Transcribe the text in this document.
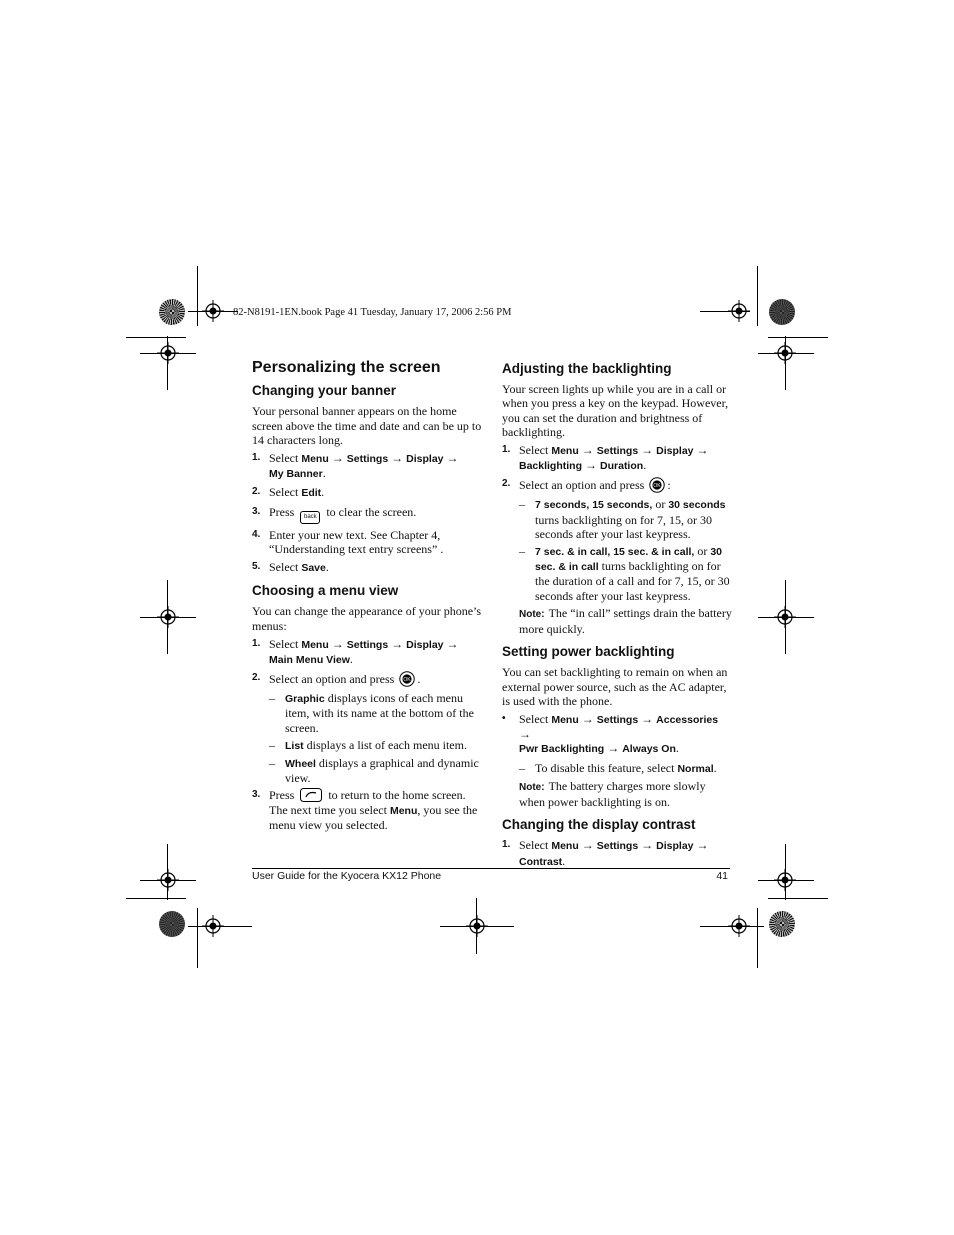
82-N8191-1EN.book Page 41 Tuesday, January 17, 2006 2:56 PM
Personalizing the screen
Changing your banner

Your personal banner appears on the home screen above the time and date and can be up to 14 characters long.

1. Select Menu → Settings → Display →
My Banner.
2. Select Edit.
3. Press back to clear the screen.
4. Enter your new text. See Chapter 4, “Understanding text entry screens” .
5. Select Save.
Choosing a menu view

You can change the appearance of your phone’s menus:

1. Select Menu → Settings → Display →
Main Menu View.
2. Select an option and press OK .
– Graphic displays icons of each menu item, with its name at the bottom of the screen.
– List displays a list of each menu item.
– Wheel displays a graphical and dynamic view.
3. Press	to return to the home screen. The next time you select Menu, you see the menu view you selected.
Adjusting the backlighting

Your screen lights up while you are in a call or when you press a key on the keypad. However, you can set the duration and brightness of backlighting.

1. Select Menu → Settings → Display →
Backlighting → Duration.
2. Select an option and press OK :
– 7 seconds, 15 seconds, or 30 seconds turns backlighting on for 7, 15, or 30 seconds after your last keypress.
– 7 sec. & in call, 15 sec. & in call, or 30 sec. & in call turns backlighting on for the duration of a call and for 7, 15, or 30 seconds after your last keypress.
Note: The “in call” settings drain the battery more quickly.
Setting power backlighting

You can set backlighting to remain on when an external power source, such as the AC adapter, is used with the phone.

• Select Menu → Settings → Accessories →
Pwr Backlighting → Always On.
– To disable this feature, select Normal.
Note: The battery charges more slowly when power backlighting is on.
Changing the display contrast
1. Select Menu → Settings → Display →
Contrast.
User Guide for the Kyocera KX12 Phone	41
